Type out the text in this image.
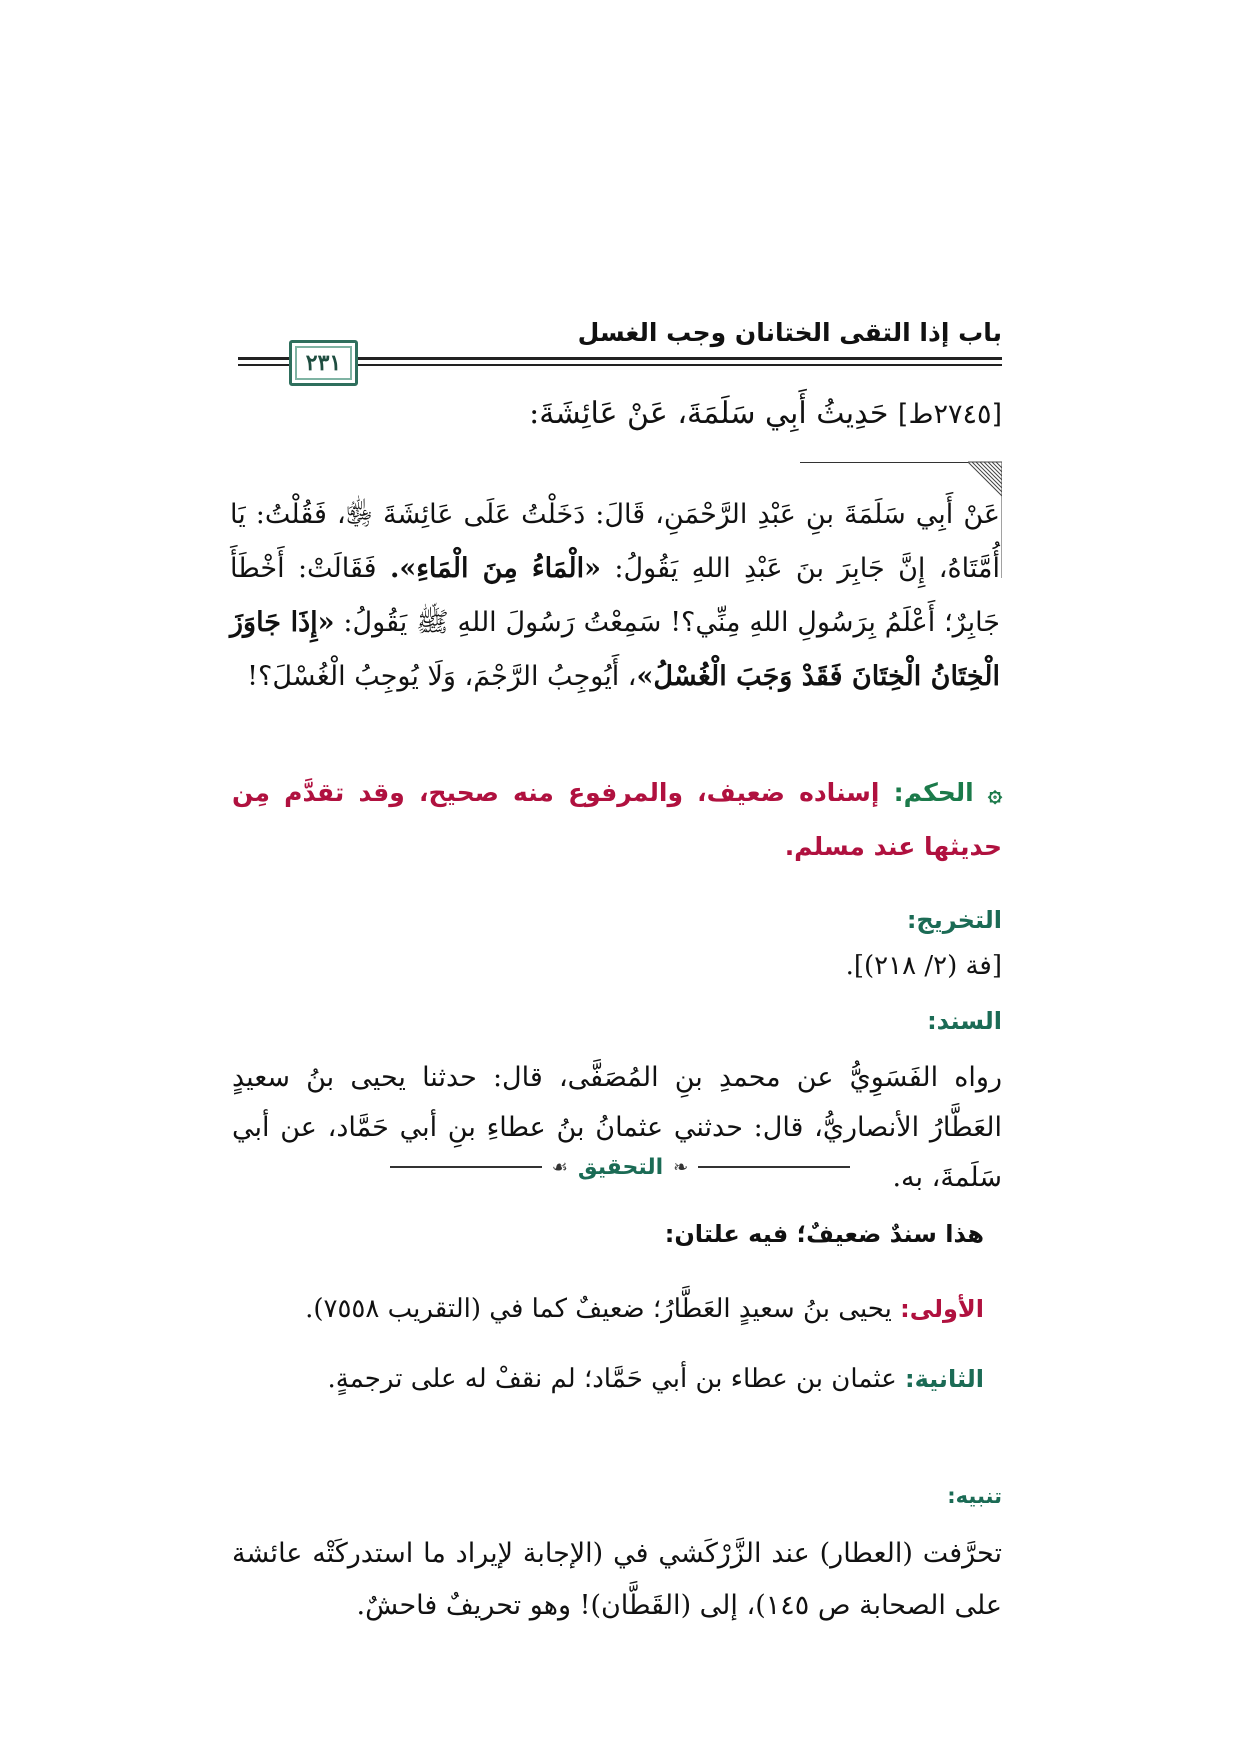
باب إذا التقى الختانان وجب الغسل
٢٣١
[٢٧٤٥ط] حَدِيثُ أَبِي سَلَمَةَ، عَنْ عَائِشَةَ:

عَنْ أَبِي سَلَمَةَ بنِ عَبْدِ الرَّحْمَنِ، قَالَ: دَخَلْتُ عَلَى عَائِشَةَ ﵂، فَقُلْتُ: يَا أُمَّتَاهُ، إِنَّ جَابِرَ بنَ عَبْدِ اللهِ يَقُولُ: «الْمَاءُ مِنَ الْمَاءِ». فَقَالَتْ: أَخْطَأَ جَابِرٌ؛ أَعْلَمُ بِرَسُولِ اللهِ مِنِّي؟! سَمِعْتُ رَسُولَ اللهِ ﷺ يَقُولُ: «إِذَا جَاوَزَ الْخِتَانُ الْخِتَانَ فَقَدْ وَجَبَ الْغُسْلُ»، أَيُوجِبُ الرَّجْمَ، وَلَا يُوجِبُ الْغُسْلَ؟!

۞ الحكم: إسناده ضعيف، والمرفوع منه صحيح، وقد تقدَّم مِن حديثها عند مسلم.
التخريج:
[فة (٢/ ٢١٨)].
السند:
رواه الفَسَوِيُّ عن محمدِ بنِ المُصَفَّى، قال: حدثنا يحيى بنُ سعيدٍ العَطَّارُ الأنصاريُّ، قال: حدثني عثمانُ بنُ عطاءِ بنِ أبي حَمَّاد، عن أبي سَلَمةَ، به.
❧
التحقيق
☙
هذا سندٌ ضعيفٌ؛ فيه علتان:
الأولى: يحيى بنُ سعيدٍ العَطَّارُ؛ ضعيفٌ كما في (التقريب ٧٥٥٨).
الثانية: عثمان بن عطاء بن أبي حَمَّاد؛ لم نقفْ له على ترجمةٍ.
تنبيه:
تحرَّفت (العطار) عند الزَّرْكَشي في (الإجابة لإيراد ما استدركَتْه عائشة على الصحابة ص ١٤٥)، إلى (القَطَّان)! وهو تحريفٌ فاحشٌ.
